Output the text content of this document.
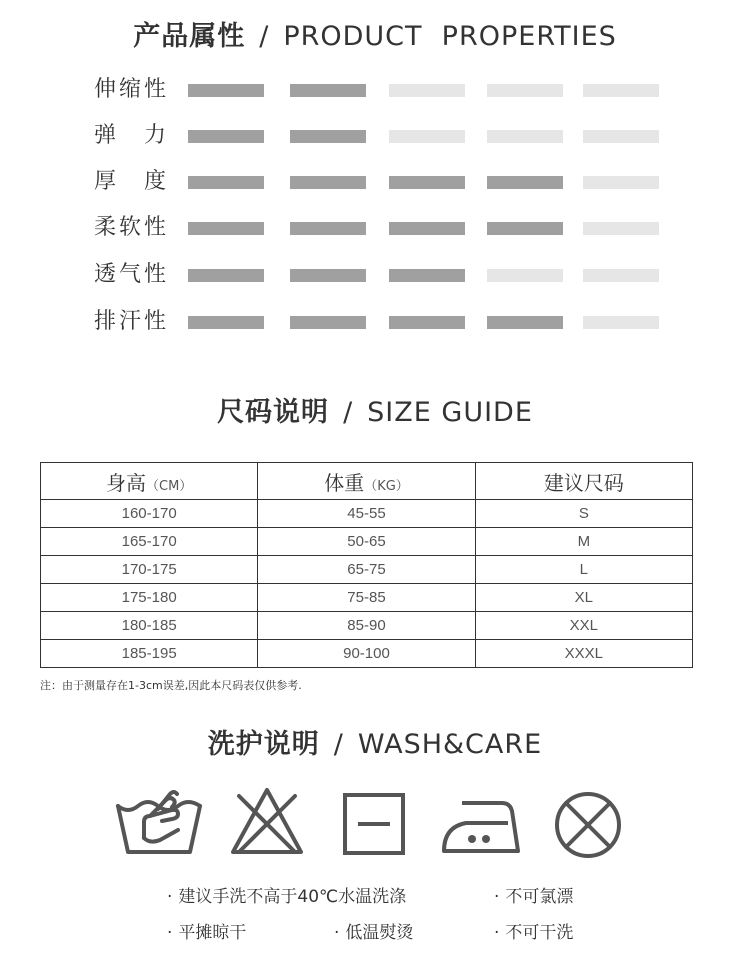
产品属性 / PRODUCT  PROPERTIES
伸 缩 性
弹 力
厚 度
柔 软 性
透 气 性
排 汗 性
尺码说明 / SIZE GUIDE
身高（CM）	体重（KG）	建议尺码
160-170	45-55	S
165-170	50-65	M
170-175	65-75	L
175-180	75-85	XL
180-185	85-90	XXL
185-195	90-100	XXXL
注：由于测量存在1-3cm误差,因此本尺码表仅供参考.
洗护说明 / WASH&CARE
· 建议手洗不高于40℃水温洗涤	· 不可氯漂
· 平摊晾干	· 低温熨烫	· 不可干洗
